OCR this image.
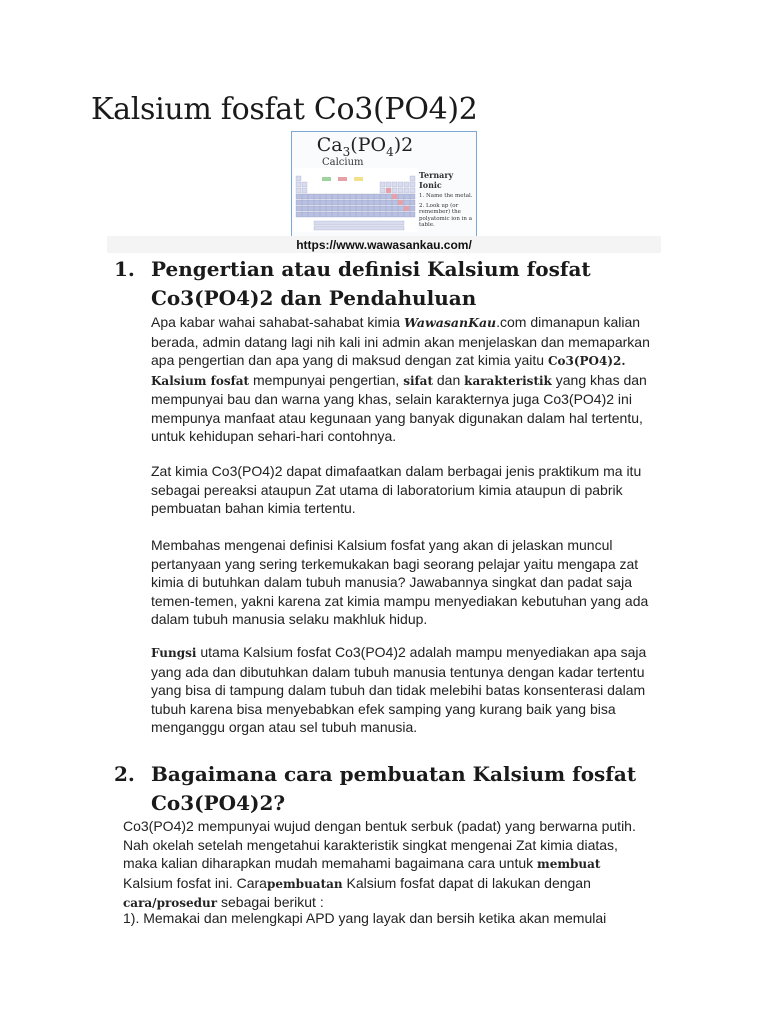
Kalsium fosfat Co3(PO4)2
$Ca_3(PO_4)2$
Calcium
Ternary Ionic
1. Name the metal.
2. Look up (or remember) the polyatomic ion in a table.
https://www.wawasankau.com/
1. Pengertian atau definisi Kalsium fosfat Co3(PO4)2 dan Pendahuluan

Apa kabar wahai sahabat-sahabat kimia WawasanKau.com dimanapun kalian berada, admin datang lagi nih kali ini admin akan menjelaskan dan memaparkan apa pengertian dan apa yang di maksud dengan zat kimia yaitu Co3(PO4)2. Kalsium fosfat mempunyai pengertian, sifat dan karakteristik yang khas dan mempunyai bau dan warna yang khas, selain karakternya juga Co3(PO4)2 ini mempunya manfaat atau kegunaan yang banyak digunakan dalam hal tertentu, untuk kehidupan sehari-hari contohnya.

Zat kimia Co3(PO4)2 dapat dimafaatkan dalam berbagai jenis praktikum ma itu sebagai pereaksi ataupun Zat utama di laboratorium kimia ataupun di pabrik pembuatan bahan kimia tertentu.

Membahas mengenai definisi Kalsium fosfat yang akan di jelaskan muncul pertanyaan yang sering terkemukakan bagi seorang pelajar yaitu mengapa zat kimia di butuhkan dalam tubuh manusia? Jawabannya singkat dan padat saja temen-temen, yakni karena zat kimia mampu menyediakan kebutuhan yang ada dalam tubuh manusia selaku makhluk hidup.

Fungsi utama Kalsium fosfat Co3(PO4)2 adalah mampu menyediakan apa saja yang ada dan dibutuhkan dalam tubuh manusia tentunya dengan kadar tertentu yang bisa di tampung dalam tubuh dan tidak melebihi batas konsenterasi dalam tubuh karena bisa menyebabkan efek samping yang kurang baik yang bisa menganggu organ atau sel tubuh manusia.

2. Bagaimana cara pembuatan Kalsium fosfat Co3(PO4)2?

Co3(PO4)2 mempunyai wujud dengan bentuk serbuk (padat) yang berwarna putih. Nah okelah setelah mengetahui karakteristik singkat mengenai Zat kimia diatas, maka kalian diharapkan mudah memahami bagaimana cara untuk membuat Kalsium fosfat ini. Carapembuatan Kalsium fosfat dapat di lakukan dengan cara/prosedur sebagai berikut :

1). Memakai dan melengkapi APD yang layak dan bersih ketika akan memulai
